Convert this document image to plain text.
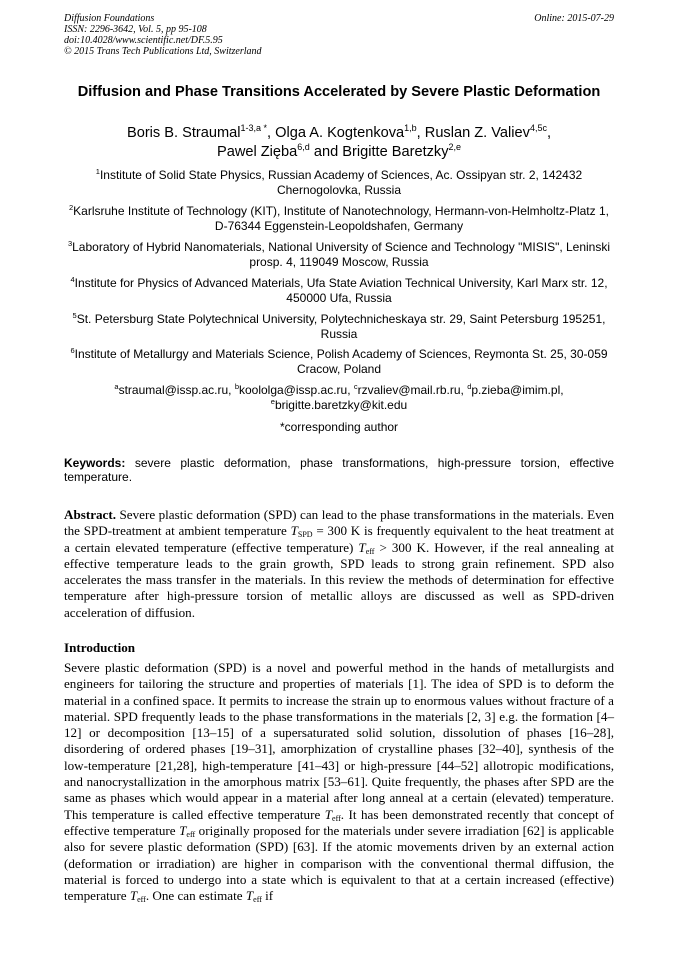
Diffusion Foundations
ISSN: 2296-3642, Vol. 5, pp 95-108
doi:10.4028/www.scientific.net/DF.5.95
© 2015 Trans Tech Publications Ltd, Switzerland
Online: 2015-07-29
Diffusion and Phase Transitions Accelerated by Severe Plastic Deformation
Boris B. Straumal$^{1-3,a *}$, Olga A. Kogtenkova$^{1,b}$, Ruslan Z. Valiev$^{4,5c}$,
Pawel Zięba$^{6,d}$ and Brigitte Baretzky$^{2,e}$
$^1$Institute of Solid State Physics, Russian Academy of Sciences, Ac. Ossipyan str. 2, 142432 Chernogolovka, Russia
$^2$Karlsruhe Institute of Technology (KIT), Institute of Nanotechnology, Hermann-von-Helmholtz-Platz 1, D-76344 Eggenstein-Leopoldshafen, Germany
$^3$Laboratory of Hybrid Nanomaterials, National University of Science and Technology "MISIS", Leninski prosp. 4, 119049 Moscow, Russia
$^4$Institute for Physics of Advanced Materials, Ufa State Aviation Technical University, Karl Marx str. 12, 450000 Ufa, Russia
$^5$St. Petersburg State Polytechnical University, Polytechnicheskaya str. 29, Saint Petersburg 195251, Russia
$^6$Institute of Metallurgy and Materials Science, Polish Academy of Sciences, Reymonta St. 25, 30-059 Cracow, Poland
$^a$straumal@issp.ac.ru, $^b$koololga@issp.ac.ru, $^c$rzvaliev@mail.rb.ru, $^d$p.zieba@imim.pl,
$^e$brigitte.baretzky@kit.edu
*corresponding author
Keywords: severe plastic deformation, phase transformations, high-pressure torsion, effective temperature.
Abstract. Severe plastic deformation (SPD) can lead to the phase transformations in the materials. Even the SPD-treatment at ambient temperature $T_{SPD} = 300$ K is frequently equivalent to the heat treatment at a certain elevated temperature (effective temperature) $T_{eff} > 300$ K. However, if the real annealing at effective temperature leads to the grain growth, SPD leads to strong grain refinement. SPD also accelerates the mass transfer in the materials. In this review the methods of determination for effective temperature after high-pressure torsion of metallic alloys are discussed as well as SPD-driven acceleration of diffusion.
Introduction
Severe plastic deformation (SPD) is a novel and powerful method in the hands of metallurgists and engineers for tailoring the structure and properties of materials [1]. The idea of SPD is to deform the material in a confined space. It permits to increase the strain up to enormous values without fracture of a material. SPD frequently leads to the phase transformations in the materials [2, 3] e.g. the formation [4–12] or decomposition [13–15] of a supersaturated solid solution, dissolution of phases [16–28], disordering of ordered phases [19–31], amorphization of crystalline phases [32–40], synthesis of the low-temperature [21,28], high-temperature [41–43] or high-pressure [44–52] allotropic modifications, and nanocrystallization in the amorphous matrix [53–61]. Quite frequently, the phases after SPD are the same as phases which would appear in a material after long anneal at a certain (elevated) temperature. This temperature is called effective temperature $T_{eff}$. It has been demonstrated recently that concept of effective temperature $T_{eff}$ originally proposed for the materials under severe irradiation [62] is applicable also for severe plastic deformation (SPD) [63]. If the atomic movements driven by an external action (deformation or irradiation) are higher in comparison with the conventional thermal diffusion, the material is forced to undergo into a state which is equivalent to that at a certain increased (effective) temperature $T_{eff}$. One can estimate $T_{eff}$ if
